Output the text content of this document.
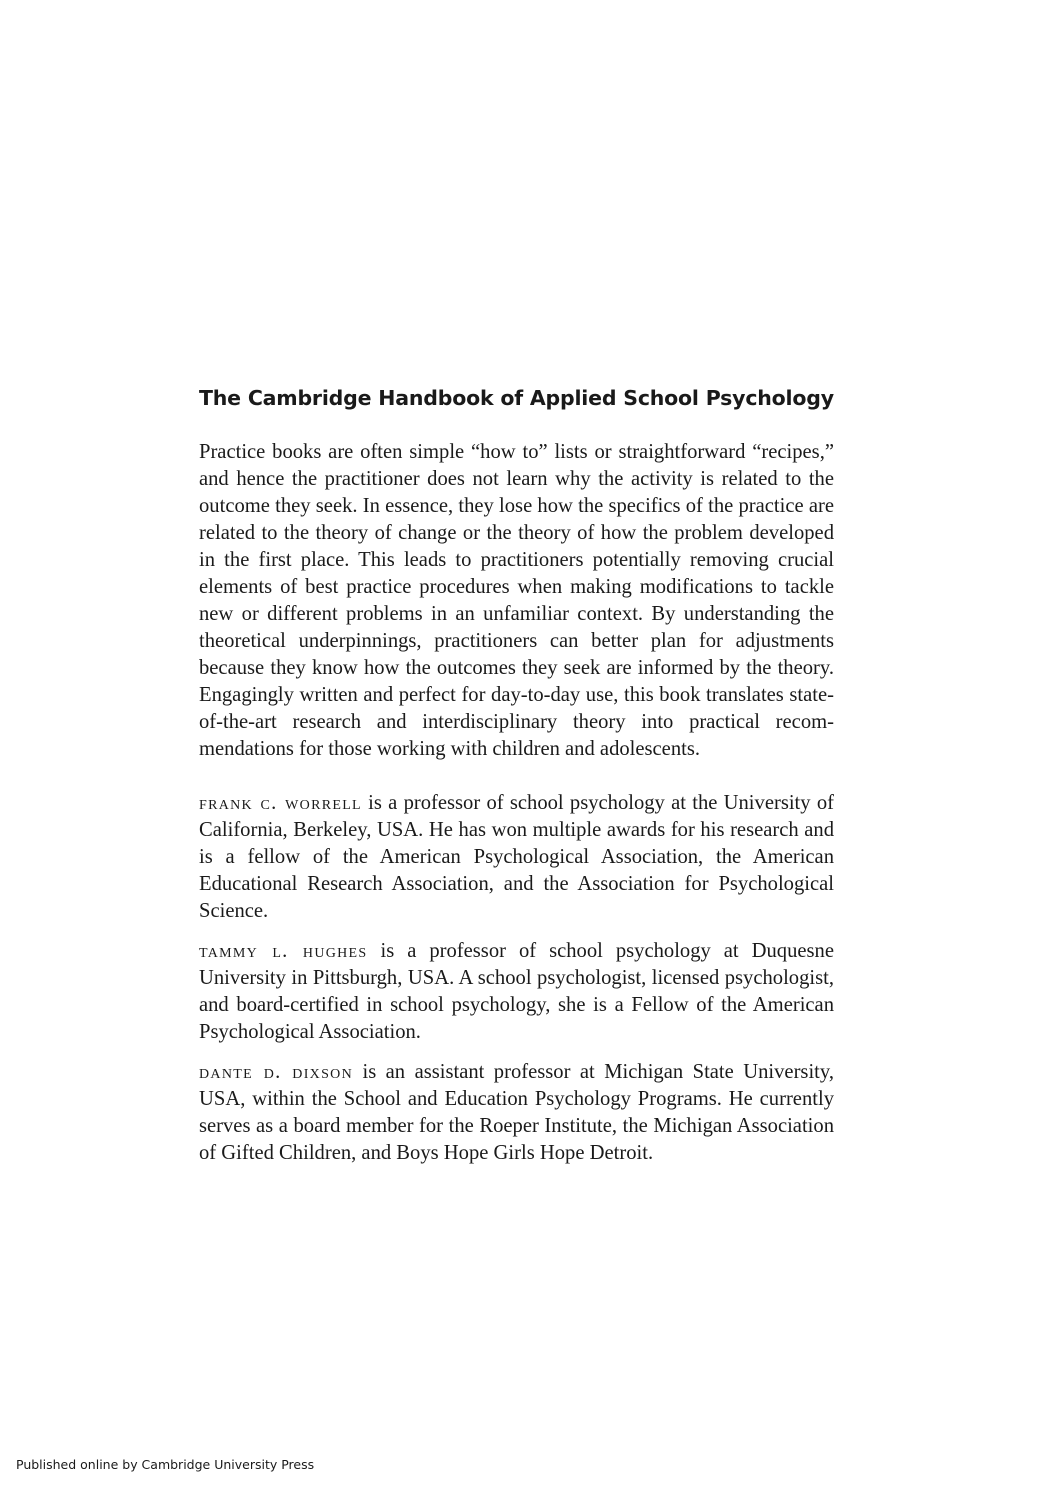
The Cambridge Handbook of Applied School Psychology

Practice books are often simple “how to” lists or straightforward “recipes,” and hence the practitioner does not learn why the activity is related to the outcome they seek. In essence, they lose how the specifics of the practice are related to the theory of change or the theory of how the problem developed in the first place. This leads to practitioners potentially removing crucial elements of best practice procedures when making modifications to tackle new or different problems in an unfamiliar context. By understanding the theoretical underpinnings, practitioners can better plan for adjustments because they know how the outcomes they seek are informed by the theory. Engagingly written and perfect for day-to-day use, this book translates state-of-the-art research and interdisciplinary theory into practical recommendations for those working with children and adolescents.

frank c. worrell is a professor of school psychology at the University of California, Berkeley, USA. He has won multiple awards for his research and is a fellow of the American Psychological Association, the American Educational Research Association, and the Association for Psychological Science.

tammy l. hughes is a professor of school psychology at Duquesne University in Pittsburgh, USA. A school psychologist, licensed psychologist, and board-certified in school psychology, she is a Fellow of the American Psychological Association.

dante d. dixson is an assistant professor at Michigan State University, USA, within the School and Education Psychology Programs. He currently serves as a board member for the Roeper Institute, the Michigan Association of Gifted Children, and Boys Hope Girls Hope Detroit.

Published online by Cambridge University Press
